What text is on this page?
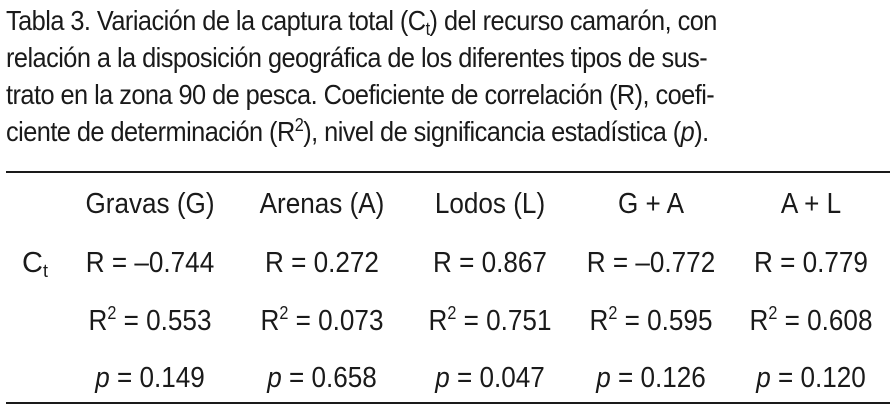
Tabla 3. Variación de la captura total $(C_t)$ del recurso camarón, con
relación a la disposición geográfica de los diferentes tipos de sus-
trato en la zona 90 de pesca. Coeficiente de correlación (R), coefi-
ciente de determinación $(R^2)$, nivel de significancia estadística (p).
Gravas (G) Arenas (A) Lodos (L)	G + A	A + L
$C_t$ R = –0.744 R = 0.272 R = 0.867 R = –0.772 R = 0.779
$R^2 = 0.553$ $R^2 = 0.073$ $R^2 = 0.751$ $R^2 = 0.595$ $R^2 = 0.608$
p = 0.149 p = 0.658 p = 0.047 p = 0.126 p = 0.120
